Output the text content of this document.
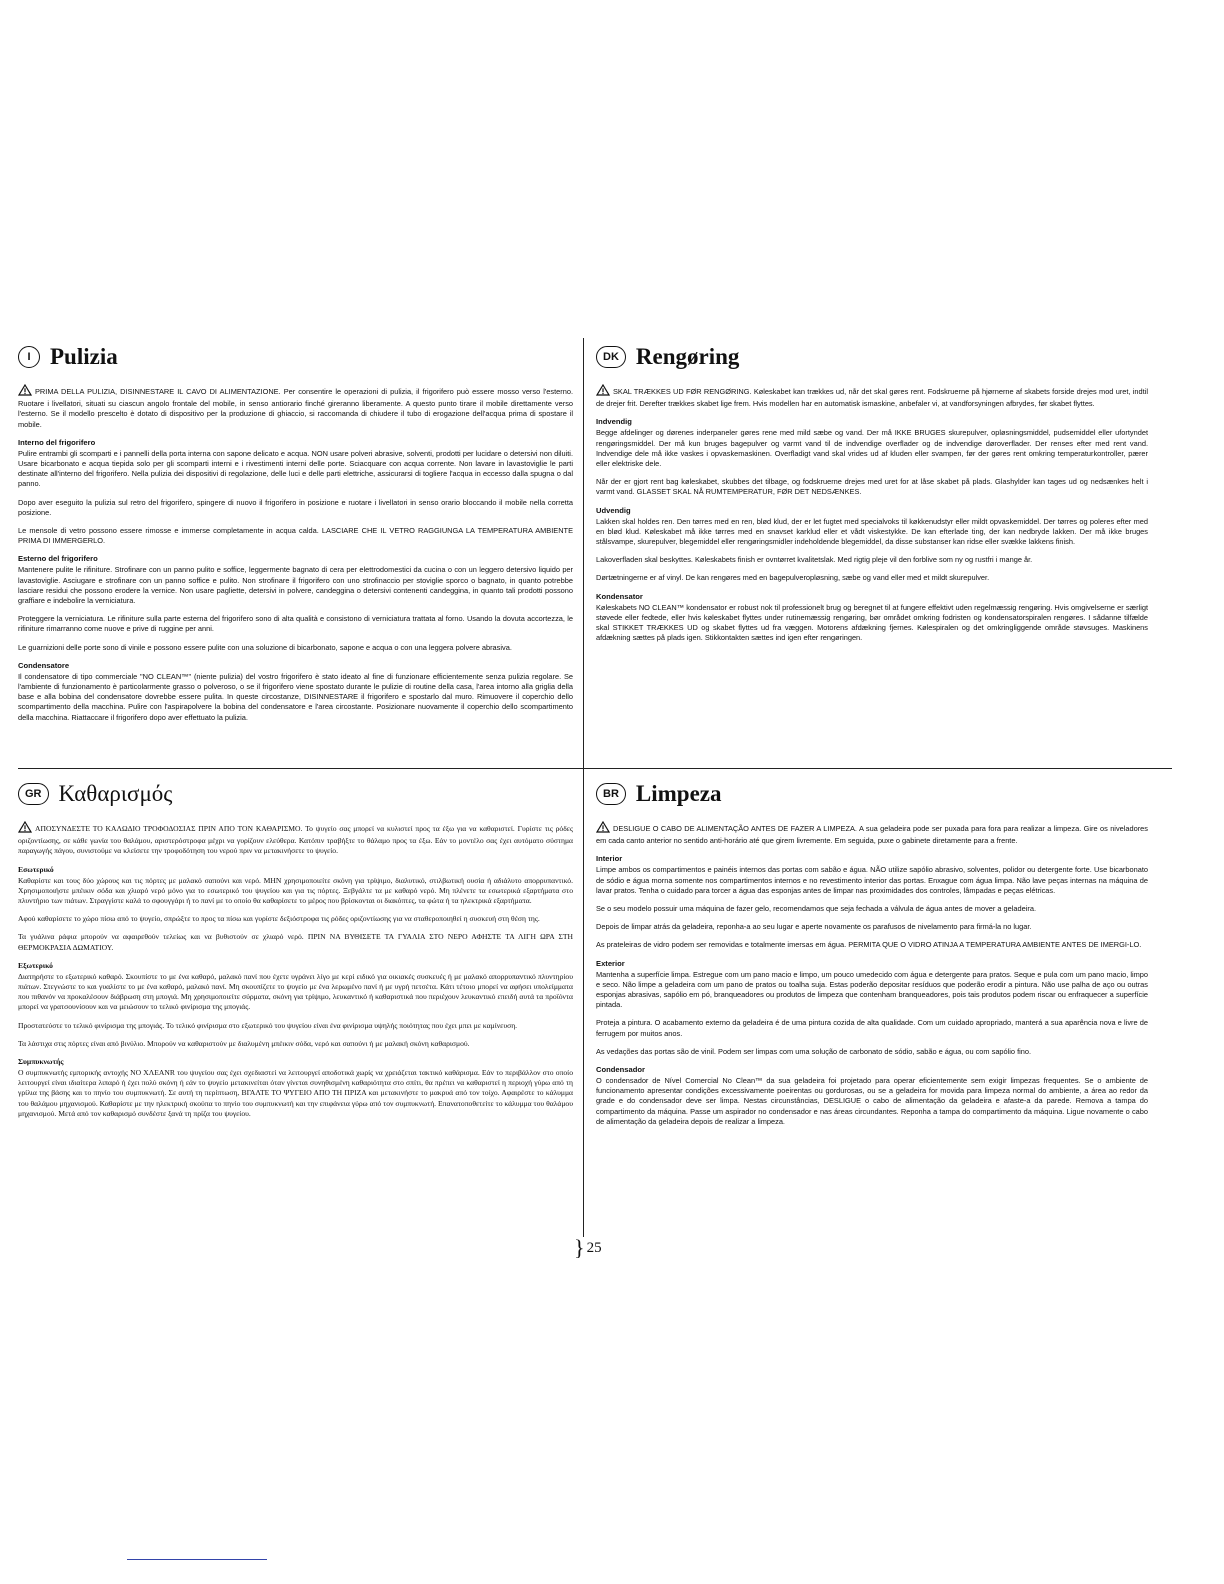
I Pulizia

PRIMA DELLA PULIZIA, DISINNESTARE IL CAVO DI ALIMENTAZIONE. Per consentire le operazioni di pulizia, il frigorifero può essere mosso verso l'esterno. Ruotare i livellatori, situati su ciascun angolo frontale del mobile, in senso antiorario finché gireranno liberamente. A questo punto tirare il mobile direttamente verso l'esterno. Se il modello prescelto è dotato di dispositivo per la produzione di ghiaccio, si raccomanda di chiudere il tubo di erogazione dell'acqua prima di spostare il mobile.

Interno del frigorifero

Pulire entrambi gli scomparti e i pannelli della porta interna con sapone delicato e acqua. NON usare polveri abrasive, solventi, prodotti per lucidare o detersivi non diluiti. Usare bicarbonato e acqua tiepida solo per gli scomparti interni e i rivestimenti interni delle porte. Sciacquare con acqua corrente. Non lavare in lavastoviglie le parti destinate all'interno del frigorifero. Nella pulizia dei dispositivi di regolazione, delle luci e delle parti elettriche, assicurarsi di togliere l'acqua in eccesso dalla spugna o dal panno.

Dopo aver eseguito la pulizia sul retro del frigorifero, spingere di nuovo il frigorifero in posizione e ruotare i livellatori in senso orario bloccando il mobile nella corretta posizione.

Le mensole di vetro possono essere rimosse e immerse completamente in acqua calda. LASCIARE CHE IL VETRO RAGGIUNGA LA TEMPERATURA AMBIENTE PRIMA DI IMMERGERLO.

Esterno del frigorifero

Mantenere pulite le rifiniture. Strofinare con un panno pulito e soffice, leggermente bagnato di cera per elettrodomestici da cucina o con un leggero detersivo liquido per lavastoviglie. Asciugare e strofinare con un panno soffice e pulito. Non strofinare il frigorifero con uno strofinaccio per stoviglie sporco o bagnato, in quanto potrebbe lasciare residui che possono erodere la vernice. Non usare pagliette, detersivi in polvere, candeggina o detersivi contenenti candeggina, in quanto tali prodotti possono graffiare e indebolire la verniciatura.

Proteggere la verniciatura. Le rifiniture sulla parte esterna del frigorifero sono di alta qualità e consistono di verniciatura trattata al forno. Usando la dovuta accortezza, le rifiniture rimarranno come nuove e prive di ruggine per anni.

Le guarnizioni delle porte sono di vinile e possono essere pulite con una soluzione di bicarbonato, sapone e acqua o con una leggera polvere abrasiva.

Condensatore

Il condensatore di tipo commerciale "NO CLEAN™" (niente pulizia) del vostro frigorifero è stato ideato al fine di funzionare efficientemente senza pulizia regolare. Se l'ambiente di funzionamento è particolarmente grasso o polveroso, o se il frigorifero viene spostato durante le pulizie di routine della casa, l'area intorno alla griglia della base e alla bobina del condensatore dovrebbe essere pulita. In queste circostanze, DISINNESTARE il frigorifero e spostarlo dal muro. Rimuovere il coperchio dello scompartimento della macchina. Pulire con l'aspirapolvere la bobina del condensatore e l'area circostante. Posizionare nuovamente il coperchio dello scompartimento della macchina. Riattaccare il frigorifero dopo aver effettuato la pulizia.

DK Rengøring

SKAL TRÆKKES UD FØR RENGØRING. Køleskabet kan trækkes ud, når det skal gøres rent. Fodskruerne på hjørnerne af skabets forside drejes mod uret, indtil de drejer frit. Derefter trækkes skabet lige frem. Hvis modellen har en automatisk ismaskine, anbefaler vi, at vandforsyningen afbrydes, før skabet flyttes.

Indvendig

Begge afdelinger og dørenes inderpaneler gøres rene med mild sæbe og vand. Der må IKKE BRUGES skurepulver, opløsningsmiddel, pudsemiddel eller ufortyndet rengøringsmiddel. Der må kun bruges bagepulver og varmt vand til de indvendige overflader og de indvendige døroverflader. Der renses efter med rent vand. Indvendige dele må ikke vaskes i opvaskemaskinen. Overfladigt vand skal vrides ud af kluden eller svampen, før der gøres rent omkring temperaturkontroller, pærer eller elektriske dele.

Når der er gjort rent bag køleskabet, skubbes det tilbage, og fodskruerne drejes med uret for at låse skabet på plads. Glashylder kan tages ud og nedsænkes helt i varmt vand. GLASSET SKAL NÅ RUMTEMPERATUR, FØR DET NEDSÆNKES.

Udvendig

Lakken skal holdes ren. Den tørres med en ren, blød klud, der er let fugtet med specialvoks til køkkenudstyr eller mildt opvaskemiddel. Der tørres og poleres efter med en blød klud. Køleskabet må ikke tørres med en snavset karklud eller et vådt viskestykke. De kan efterlade ting, der kan nedbryde lakken. Der må ikke bruges stålsvampe, skurepulver, blegemiddel eller rengøringsmidler indeholdende blegemiddel, da disse substanser kan ridse eller svække lakkens finish.

Lakoverfladen skal beskyttes. Køleskabets finish er ovntørret kvalitetslak. Med rigtig pleje vil den forblive som ny og rustfri i mange år.

Dørtætningerne er af vinyl. De kan rengøres med en bagepulveropløsning, sæbe og vand eller med et mildt skurepulver.

Kondensator

Køleskabets NO CLEAN™ kondensator er robust nok til professionelt brug og beregnet til at fungere effektivt uden regelmæssig rengøring. Hvis omgivelserne er særligt støvede eller fedtede, eller hvis køleskabet flyttes under rutinemæssig rengøring, bør området omkring fodristen og kondensatorspiralen rengøres. I sådanne tilfælde skal STIKKET TRÆKKES UD og skabet flyttes ud fra væggen. Motorens afdækning fjernes. Kølespiralen og det omkringliggende område støvsuges. Maskinens afdækning sættes på plads igen. Stikkontakten sættes ind igen efter rengøringen.

GR Καθαρισμός

ΑΠΟΣΥΝΔΕΣΤΕ ΤΟ ΚΑΛΩΔΙΟ ΤΡΟΦΟΔΟΣΙΑΣ ΠΡΙΝ ΑΠΟ ΤΟΝ ΚΑΘΑΡΙΣΜΟ. Το ψυγείο σας μπορεί να κυλιστεί προς τα έξω για να καθαριστεί. Γυρίστε τις ρόδες οριζοντίωσης, σε κάθε γωνία του θαλάμου, αριστερόστροφα μέχρι να γυρίζουν ελεύθερα. Κατόπιν τραβήξτε το θάλαμο προς τα έξω. Εάν το μοντέλο σας έχει αυτόματο σύστημα παραγωγής πάγου, συνιστούμε να κλείσετε την τροφοδότηση του νερού πριν να μετακινήσετε το ψυγείο.

Εσωτερικό

Καθαρίστε και τους δύο χώρους και τις πόρτες με μαλακό σαπούνι και νερό. ΜΗΝ χρησιμοποιείτε σκόνη για τρίψιμο, διαλυτικό, στιλβωτική ουσία ή αδιάλυτο απορρυπαντικό. Χρησιμοποιήστε μπέικιν σόδα και χλιαρό νερό μόνο για το εσωτερικό του ψυγείου και για τις πόρτες. Ξεβγάλτε τα με καθαρό νερό. Μη πλένετε τα εσωτερικά εξαρτήματα στο πλυντήριο των πιάτων. Στραγγίστε καλά το σφουγγάρι ή το πανί με το οποίο θα καθαρίσετε το μέρος που βρίσκονται οι διακόπτες, τα φώτα ή τα ηλεκτρικά εξαρτήματα.

Αφού καθαρίσετε το χώρο πίσω από το ψυγείο, σπρώξτε το προς τα πίσω και γυρίστε δεξιόστροφα τις ρόδες οριζοντίωσης για να σταθεροποιηθεί η συσκευή στη θέση της.

Τα γυάλινα ράφια μπορούν να αφαιρεθούν τελείως και να βυθιστούν σε χλιαρό νερό. ΠΡΙΝ ΝΑ ΒΥΘΙΣΕΤΕ ΤΑ ΓΥΑΛΙΑ ΣΤΟ ΝΕΡΟ ΑΦΗΣΤΕ ΤΑ ΛΙΓΗ ΩΡΑ ΣΤΗ ΘΕΡΜΟΚΡΑΣΙΑ ΔΩΜΑΤΙΟΥ.

Εξωτερικό

Διατηρήστε το εξωτερικό καθαρό. Σκουπίστε το με ένα καθαρό, μαλακό πανί που έχετε υγράνει λίγο με κερί ειδικό για οικιακές συσκευές ή με μαλακό απορρυπαντικό πλυντηρίου πιάτων. Στεγνώστε το και γυαλίστε το με ένα καθαρό, μαλακό πανί. Μη σκουπίζετε το ψυγείο με ένα λερωμένο πανί ή με υγρή πετσέτα. Κάτι τέτοιο μπορεί να αφήσει υπολείμματα που πιθανόν να προκαλέσουν διάβρωση στη μπογιά. Μη χρησιμοποιείτε σύρματα, σκόνη για τρίψιμο, λευκαντικό ή καθαριστικά που περιέχουν λευκαντικό επειδή αυτά τα προϊόντα μπορεί να γρατσουνίσουν και να μειώσουν το τελικό φινίρισμα της μπογιάς.

Προστατεύστε το τελικό φινίρισμα της μπογιάς. Το τελικό φινίρισμα στο εξωτερικό του ψυγείου είναι ένα φινίρισμα υψηλής ποιότητας που έχει μπει με καμίνευση.

Τα λάστιχα στις πόρτες είναι από βινύλιο. Μπορούν να καθαριστούν με διαλυμένη μπέικιν σόδα, νερό και σαπούνι ή με μαλακή σκόνη καθαρισμού.

Συμπυκνωτής

Ο συμπυκνωτής εμπορικής αντοχής NO ΧΛΕΑΝR του ψυγείου σας έχει σχεδιαστεί να λειτουργεί αποδοτικά χωρίς να χρειάζεται τακτικό καθάρισμα. Εάν το περιβάλλον στο οποίο λειτουργεί είναι ιδιαίτερα λιπαρό ή έχει πολύ σκόνη ή εάν το ψυγείο μετακινείται όταν γίνεται συνηθισμένη καθαριότητα στο σπίτι, θα πρέπει να καθαριστεί η περιοχή γύρω από τη γρίλια της βάσης και το πηνίο του συμπυκνωτή. Σε αυτή τη περίπτωση, ΒΓΑΛΤΕ ΤΟ ΨΥΓΕΙΟ ΑΠΟ ΤΗ ΠΡΙΖΑ και μετακινήστε το μακρυά από τον τοίχο. Αφαιρέστε το κάλυμμα του θαλάμου μηχανισμού. Καθαρίστε με την ηλεκτρική σκούπα το πηνίο του συμπυκνωτή και την επιφάνεια γύρω από τον συμπυκνωτή. Επανατοποθετείτε το κάλυμμα του θαλάμου μηχανισμού. Μετά από τον καθαρισμό συνδέστε ξανά τη πρίζα του ψυγείου.

BR Limpeza

DESLIGUE O CABO DE ALIMENTAÇÃO ANTES DE FAZER A LIMPEZA. A sua geladeira pode ser puxada para fora para realizar a limpeza. Gire os niveladores em cada canto anterior no sentido anti-horário até que girem livremente. Em seguida, puxe o gabinete diretamente para a frente.

Interior

Limpe ambos os compartimentos e painéis internos das portas com sabão e água. NÃO utilize sapólio abrasivo, solventes, polidor ou detergente forte. Use bicarbonato de sódio e água morna somente nos compartimentos internos e no revestimento interior das portas. Enxague com água limpa. Não lave peças internas na máquina de lavar pratos. Tenha o cuidado para torcer a água das esponjas antes de limpar nas proximidades dos controles, lâmpadas e peças elétricas.

Se o seu modelo possuir uma máquina de fazer gelo, recomendamos que seja fechada a válvula de água antes de mover a geladeira.

Depois de limpar atrás da geladeira, reponha-a ao seu lugar e aperte novamente os parafusos de nivelamento para firmá-la no lugar.

As prateleiras de vidro podem ser removidas e totalmente imersas em água. PERMITA QUE O VIDRO ATINJA A TEMPERATURA AMBIENTE ANTES DE IMERGI-LO.

Exterior

Mantenha a superfície limpa. Estregue com um pano macio e limpo, um pouco umedecido com água e detergente para pratos. Seque e pula com um pano macio, limpo e seco. Não limpe a geladeira com um pano de pratos ou toalha suja. Estas poderão depositar resíduos que poderão erodir a pintura. Não use palha de aço ou outras esponjas abrasivas, sapólio em pó, branqueadores ou produtos de limpeza que contenham branqueadores, pois tais produtos podem riscar ou enfraquecer a superfície pintada.

Proteja a pintura. O acabamento externo da geladeira é de uma pintura cozida de alta qualidade. Com um cuidado apropriado, manterá a sua aparência nova e livre de ferrugem por muitos anos.

As vedações das portas são de vinil. Podem ser limpas com uma solução de carbonato de sódio, sabão e água, ou com sapólio fino.

Condensador

O condensador de Nível Comercial No Clean™ da sua geladeira foi projetado para operar eficientemente sem exigir limpezas frequentes. Se o ambiente de funcionamento apresentar condições excessivamente poeirentas ou gordurosas, ou se a geladeira for movida para limpeza normal do ambiente, a área ao redor da grade e do condensador deve ser limpa. Nestas circunstâncias, DESLIGUE o cabo de alimentação da geladeira e afaste-a da parede. Remova a tampa do compartimento da máquina. Passe um aspirador no condensador e nas áreas circundantes. Reponha a tampa do compartimento da máquina. Ligue novamente o cabo de alimentação da geladeira depois de realizar a limpeza.

} 25
